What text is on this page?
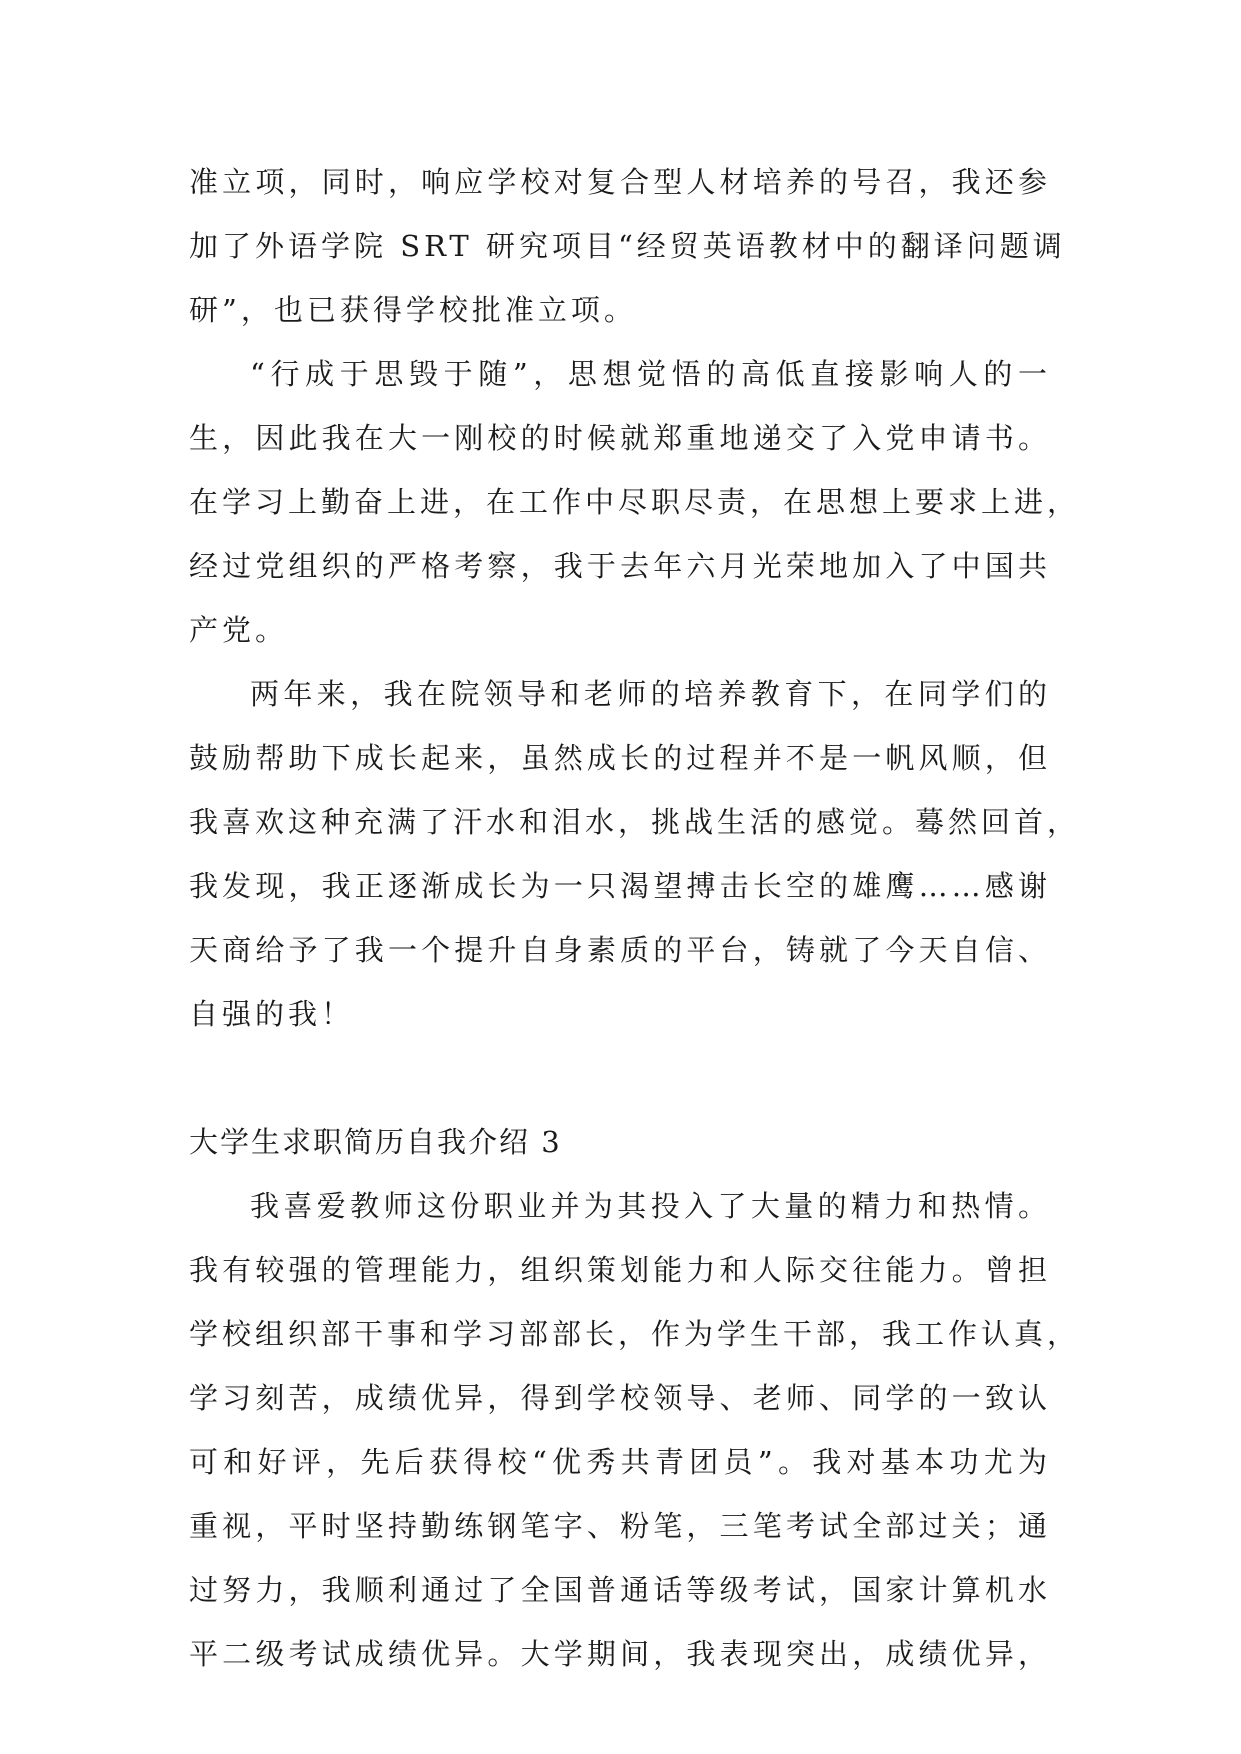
准立项，同时，响应学校对复合型人材培养的号召，我还参
加了外语学院 SRT 研究项目“经贸英语教材中的翻译问题调
研”，也已获得学校批准立项。
“行成于思毁于随”，思想觉悟的高低直接影响人的一
生，因此我在大一刚校的时候就郑重地递交了入党申请书。
在学习上勤奋上进，在工作中尽职尽责，在思想上要求上进，
经过党组织的严格考察，我于去年六月光荣地加入了中国共
产党。
两年来，我在院领导和老师的培养教育下，在同学们的
鼓励帮助下成长起来，虽然成长的过程并不是一帆风顺，但
我喜欢这种充满了汗水和泪水，挑战生活的感觉。蓦然回首，
我发现，我正逐渐成长为一只渴望搏击长空的雄鹰……感谢
天商给予了我一个提升自身素质的平台，铸就了今天自信、
自强的我！
大学生求职简历自我介绍 3
我喜爱教师这份职业并为其投入了大量的精力和热情。
我有较强的管理能力，组织策划能力和人际交往能力。曾担
学校组织部干事和学习部部长，作为学生干部，我工作认真，
学习刻苦，成绩优异，得到学校领导、老师、同学的一致认
可和好评，先后获得校“优秀共青团员”。我对基本功尤为
重视，平时坚持勤练钢笔字、粉笔，三笔考试全部过关；通
过努力，我顺利通过了全国普通话等级考试，国家计算机水
平二级考试成绩优异。大学期间，我表现突出，成绩优异，
